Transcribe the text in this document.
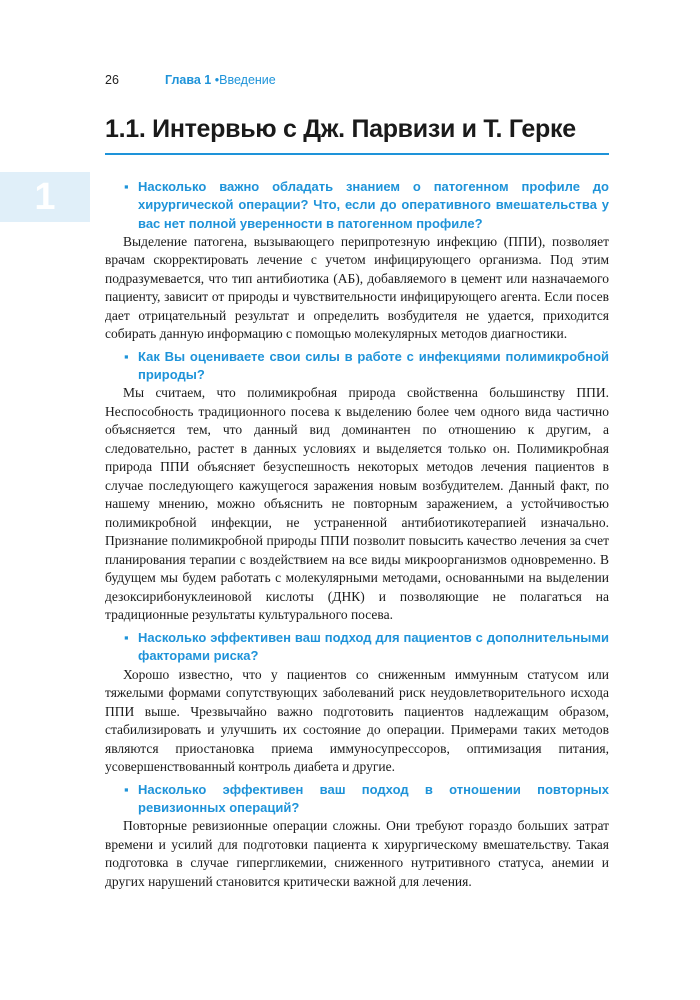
26	Глава 1 •Введение
1.1. Интервью с Дж. Парвизи и Т. Герке
1	▪ Насколько важно обладать знанием о патогенном профиле до хирургической операции? Что, если до оперативного вмешательства у вас нет полной уверенности в патогенном профиле?

Выделение патогена, вызывающего перипротезную инфекцию (ППИ), позволяет врачам скорректировать лечение с учетом инфицирующего организма. Под этим подразумевается, что тип антибиотика (АБ), добавляемого в цемент или назначаемого пациенту, зависит от природы и чувствительности инфицирующего агента. Если посев дает отрицательный результат и определить возбудителя не удается, приходится собирать данную информацию с помощью молекулярных методов диагностики.

▪ Как Вы оцениваете свои силы в работе с инфекциями полимикробной природы?

Мы считаем, что полимикробная природа свойственна большинству ППИ. Неспособность традиционного посева к выделению более чем одного вида частично объясняется тем, что данный вид доминантен по отношению к другим, а следовательно, растет в данных условиях и выделяется только он. Полимикробная природа ППИ объясняет безуспешность некоторых методов лечения пациентов в случае последующего кажущегося заражения новым возбудителем. Данный факт, по нашему мнению, можно объяснить не повторным заражением, а устойчивостью полимикробной инфекции, не устраненной антибиотикотерапией изначально. Признание полимикробной природы ППИ позволит повысить качество лечения за счет планирования терапии с воздействием на все виды микроорганизмов одновременно. В будущем мы будем работать с молекулярными методами, основанными на выделении дезоксирибонуклеиновой кислоты (ДНК) и позволяющие не полагаться на традиционные результаты культурального посева.

▪ Насколько эффективен ваш подход для пациентов с дополнительными факторами риска?

Хорошо известно, что у пациентов со сниженным иммунным статусом или тяжелыми формами сопутствующих заболеваний риск неудовлетворительного исхода ППИ выше. Чрезвычайно важно подготовить пациентов надлежащим образом, стабилизировать и улучшить их состояние до операции. Примерами таких методов являются приостановка приема иммуносупрессоров, оптимизация питания, усовершенствованный контроль диабета и другие.

▪ Насколько эффективен ваш подход в отношении повторных ревизионных операций?

Повторные ревизионные операции сложны. Они требуют гораздо больших затрат времени и усилий для подготовки пациента к хирургическому вмешательству. Такая подготовка в случае гипергликемии, сниженного нутритивного статуса, анемии и других нарушений становится критически важной для лечения.
